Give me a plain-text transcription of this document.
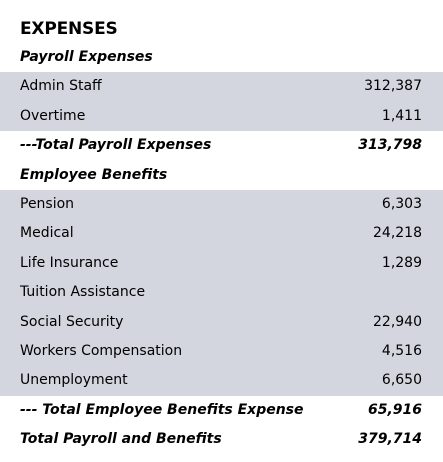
EXPENSES
Payroll Expenses
Admin Staff	312,387
Overtime	1,411
---Total Payroll Expenses	313,798
Employee Benefits
Pension	6,303
Medical	24,218
Life Insurance	1,289
Tuition Assistance
Social Security	22,940
Workers Compensation	4,516
Unemployment	6,650
--- Total Employee Benefits Expense	65,916
Total Payroll and Benefits	379,714
